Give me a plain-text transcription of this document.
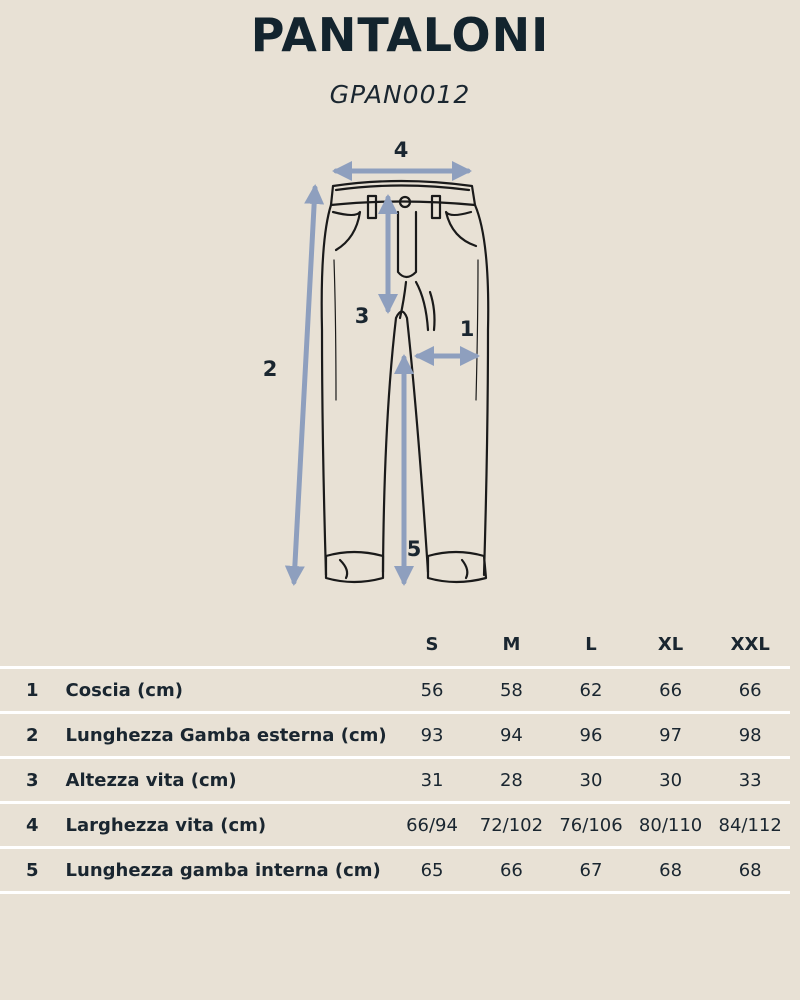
PANTALONI
GPAN0012
4
2
3
1
5
		S	M	L	XL	XXL
1	Coscia (cm)	56	58	62	66	66
2	Lunghezza Gamba esterna (cm)	93	94	96	97	98
3	Altezza vita (cm)	31	28	30	30	33
4	Larghezza vita (cm)	66/94	72/102	76/106	80/110	84/112
5	Lunghezza gamba interna (cm)	65	66	67	68	68
